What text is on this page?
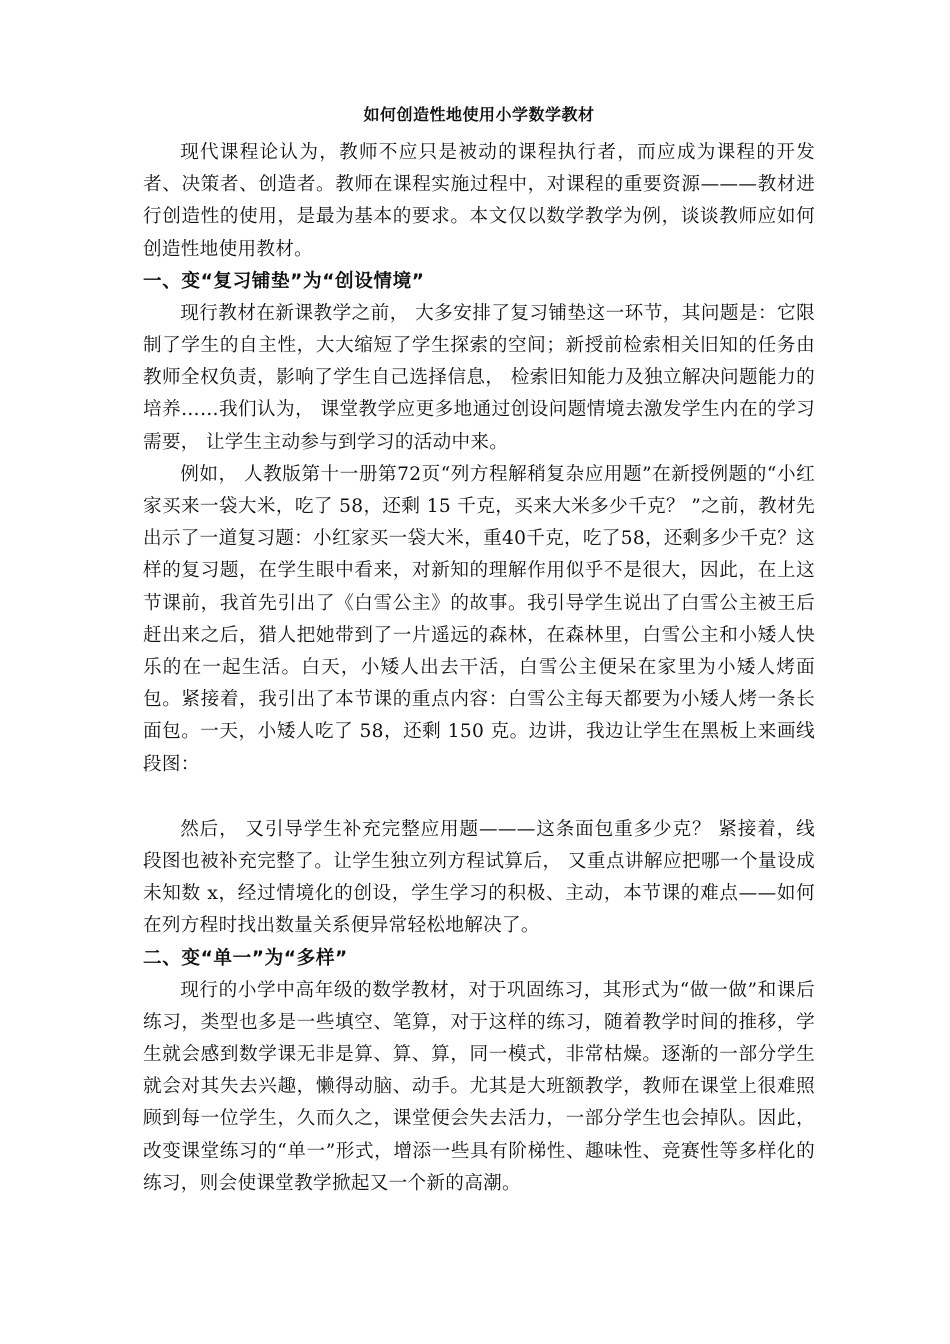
如何创造性地使用小学数学教材

现代课程论认为，教师不应只是被动的课程执行者，而应成为课程的开发者、决策者、创造者。教师在课程实施过程中，对课程的重要资源———教材进行创造性的使用，是最为基本的要求。本文仅以数学教学为例，谈谈教师应如何创造性地使用教材。

一、变“复习铺垫”为“创设情境”

现行教材在新课教学之前， 大多安排了复习铺垫这一环节，其问题是：它限制了学生的自主性，大大缩短了学生探索的空间；新授前检索相关旧知的任务由教师全权负责，影响了学生自己选择信息， 检索旧知能力及独立解决问题能力的培养……我们认为， 课堂教学应更多地通过创设问题情境去激发学生内在的学习需要， 让学生主动参与到学习的活动中来。

例如， 人教版第十一册第72页“列方程解稍复杂应用题”在新授例题的“小红家买来一袋大米，吃了 58，还剩 15 千克，买来大米多少千克？ ”之前，教材先出示了一道复习题：小红家买一袋大米，重40千克，吃了58，还剩多少千克？这样的复习题，在学生眼中看来，对新知的理解作用似乎不是很大，因此，在上这节课前，我首先引出了《白雪公主》的故事。我引导学生说出了白雪公主被王后赶出来之后，猎人把她带到了一片遥远的森林，在森林里，白雪公主和小矮人快乐的在一起生活。白天，小矮人出去干活，白雪公主便呆在家里为小矮人烤面包。紧接着，我引出了本节课的重点内容：白雪公主每天都要为小矮人烤一条长面包。一天，小矮人吃了 58，还剩 150 克。边讲，我边让学生在黑板上来画线段图：

然后， 又引导学生补充完整应用题———这条面包重多少克？ 紧接着，线段图也被补充完整了。让学生独立列方程试算后， 又重点讲解应把哪一个量设成未知数 x，经过情境化的创设，学生学习的积极、主动，本节课的难点——如何在列方程时找出数量关系便异常轻松地解决了。

二、变“单一”为“多样”

现行的小学中高年级的数学教材，对于巩固练习，其形式为“做一做”和课后练习，类型也多是一些填空、笔算，对于这样的练习，随着教学时间的推移，学生就会感到数学课无非是算、算、算，同一模式，非常枯燥。逐渐的一部分学生就会对其失去兴趣，懒得动脑、动手。尤其是大班额教学，教师在课堂上很难照顾到每一位学生，久而久之，课堂便会失去活力，一部分学生也会掉队。因此，改变课堂练习的“单一”形式，增添一些具有阶梯性、趣味性、竞赛性等多样化的练习，则会使课堂教学掀起又一个新的高潮。
